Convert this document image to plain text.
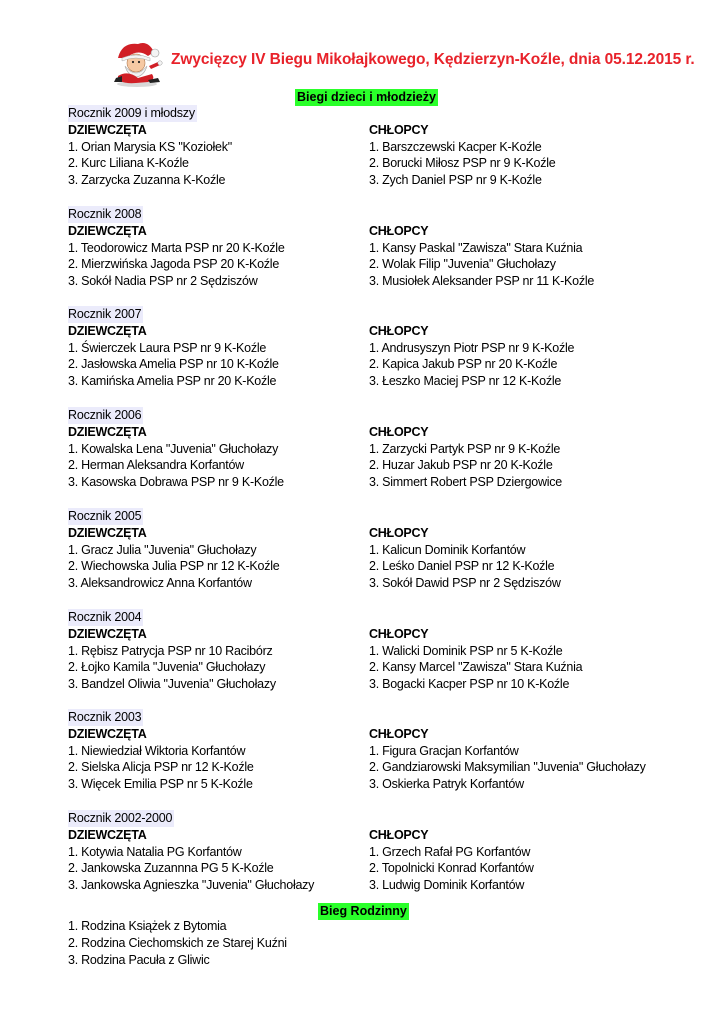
Zwycięzcy IV Biegu Mikołajkowego, Kędzierzyn-Koźle, dnia 05.12.2015 r.
Biegi dzieci i młodzieży
Rocznik 2009 i młodszy
DZIEWCZĘTA	CHŁOPCY
1. Orian Marysia KS "Koziołek"	1. Barszczewski Kacper K-Koźle
2. Kurc Liliana K-Koźle	2. Borucki Miłosz PSP nr 9 K-Koźle
3. Zarzycka Zuzanna K-Koźle	3. Zych Daniel PSP nr 9 K-Koźle
Rocznik 2008
DZIEWCZĘTA	CHŁOPCY
1. Teodorowicz Marta PSP nr 20 K-Koźle	1. Kansy Paskal "Zawisza" Stara Kuźnia
2. Mierzwińska Jagoda PSP 20 K-Koźle	2. Wolak Filip "Juvenia" Głuchołazy
3. Sokół Nadia PSP nr 2 Sędziszów	3. Musiołek Aleksander PSP nr 11 K-Koźle
Rocznik 2007
DZIEWCZĘTA	CHŁOPCY
1. Świerczek Laura PSP nr 9 K-Koźle	1. Andrusyszyn Piotr PSP nr 9 K-Koźle
2. Jasłowska Amelia PSP nr 10 K-Koźle	2. Kapica Jakub PSP nr 20 K-Koźle
3. Kamińska Amelia PSP nr 20 K-Koźle	3. Łeszko Maciej PSP nr 12 K-Koźle
Rocznik 2006
DZIEWCZĘTA	CHŁOPCY
1. Kowalska Lena "Juvenia" Głuchołazy	1. Zarzycki Partyk PSP nr 9 K-Koźle
2. Herman Aleksandra Korfantów	2. Huzar Jakub PSP nr 20 K-Koźle
3. Kasowska Dobrawa PSP nr 9 K-Koźle	3. Simmert Robert PSP Dziergowice
Rocznik 2005
DZIEWCZĘTA	CHŁOPCY
1. Gracz Julia "Juvenia" Głuchołazy	1. Kalicun Dominik Korfantów
2. Wiechowska Julia PSP nr 12 K-Koźle	2. Leśko Daniel PSP nr 12 K-Koźle
3. Aleksandrowicz Anna Korfantów	3. Sokół Dawid PSP nr 2 Sędziszów
Rocznik 2004
DZIEWCZĘTA	CHŁOPCY
1. Rębisz Patrycja PSP nr 10 Racibórz	1. Walicki Dominik PSP nr 5 K-Koźle
2. Łojko Kamila "Juvenia" Głuchołazy	2. Kansy Marcel "Zawisza" Stara Kuźnia
3. Bandzel Oliwia "Juvenia" Głuchołazy	3. Bogacki Kacper PSP nr 10 K-Koźle
Rocznik 2003
DZIEWCZĘTA	CHŁOPCY
1. Niewiedział Wiktoria Korfantów	1. Figura Gracjan Korfantów
2. Sielska Alicja PSP nr 12 K-Koźle	2. Gandziarowski Maksymilian "Juvenia" Głuchołazy
3. Więcek Emilia PSP nr 5 K-Koźle	3. Oskierka Patryk Korfantów
Rocznik 2002-2000
DZIEWCZĘTA	CHŁOPCY
1. Kotywia Natalia PG Korfantów	1. Grzech Rafał PG Korfantów
2. Jankowska Zuzannna PG 5 K-Koźle	2. Topolnicki Konrad Korfantów
3. Jankowska Agnieszka "Juvenia" Głuchołazy	3. Ludwig Dominik Korfantów
Bieg Rodzinny
1. Rodzina Książek z Bytomia
2. Rodzina Ciechomskich ze Starej Kuźni
3. Rodzina Pacuła z Gliwic
